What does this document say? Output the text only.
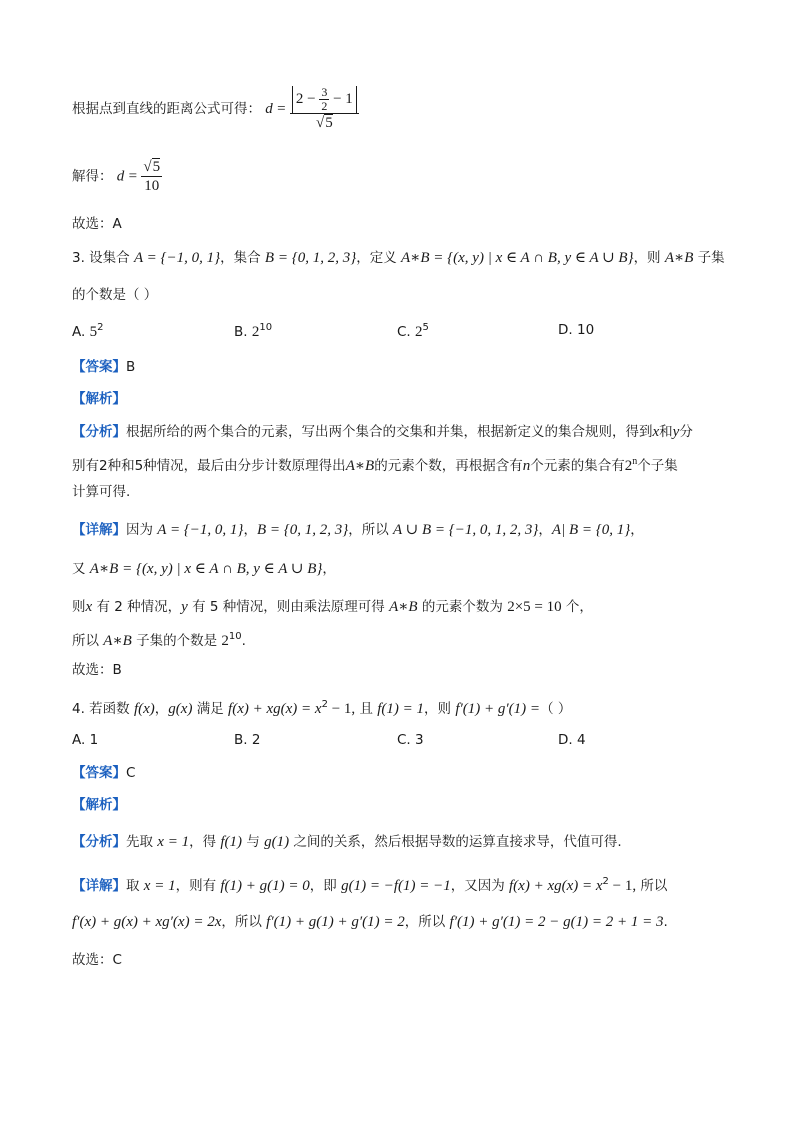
根据点到直线的距离公式可得： $d = \frac{2 - \frac{3}{2} - 1}{√5}$
解得： $d = \frac{√5}{10}$
故选：A
3. 设集合 A = {−1, 0, 1}，集合 B = {0, 1, 2, 3}，定义 A∗B = {(x, y) | x ∈ A ∩ B, y ∈ A ∪ B}，则 A∗B 子集
的个数是（ ）
A. $5^2$	B. $2^{10}$	C. $2^5$	D. 10
【答案】B
【解析】
【分析】根据所给的两个集合的元素，写出两个集合的交集和并集，根据新定义的集合规则，得到x和y分
别有2种和5种情况，最后由分步计数原理得出A∗B的元素个数，再根据含有n个元素的集合有2$^n$个子集
计算可得.
【详解】因为 A = {−1, 0, 1}，B = {0, 1, 2, 3}，所以 A ∪ B = {−1, 0, 1, 2, 3}，A| B = {0, 1}，
又 A∗B = {(x, y) | x ∈ A ∩ B, y ∈ A ∪ B}，
则x 有 2 种情况，y 有 5 种情况，则由乘法原理可得 A∗B 的元素个数为 2×5 = 10 个，
所以 A∗B 子集的个数是 $2^{10}$.
故选：B
4. 若函数 f(x)，g(x) 满足 $f(x) + xg(x) = x^2 - 1$, 且 f(1) = 1，则 f′(1) + g′(1) =（ ）
A. 1	B. 2	C. 3	D. 4
【答案】C
【解析】
【分析】先取 x = 1，得 f(1) 与 g(1) 之间的关系，然后根据导数的运算直接求导，代值可得.
【详解】取 x = 1，则有 f(1) + g(1) = 0，即 g(1) = −f(1) = −1，又因为 $f(x) + xg(x) = x^2 - 1$, 所以
f′(x) + g(x) + xg′(x) = 2x，所以 f′(1) + g(1) + g′(1) = 2，所以 f′(1) + g′(1) = 2 − g(1) = 2 + 1 = 3.
故选：C
